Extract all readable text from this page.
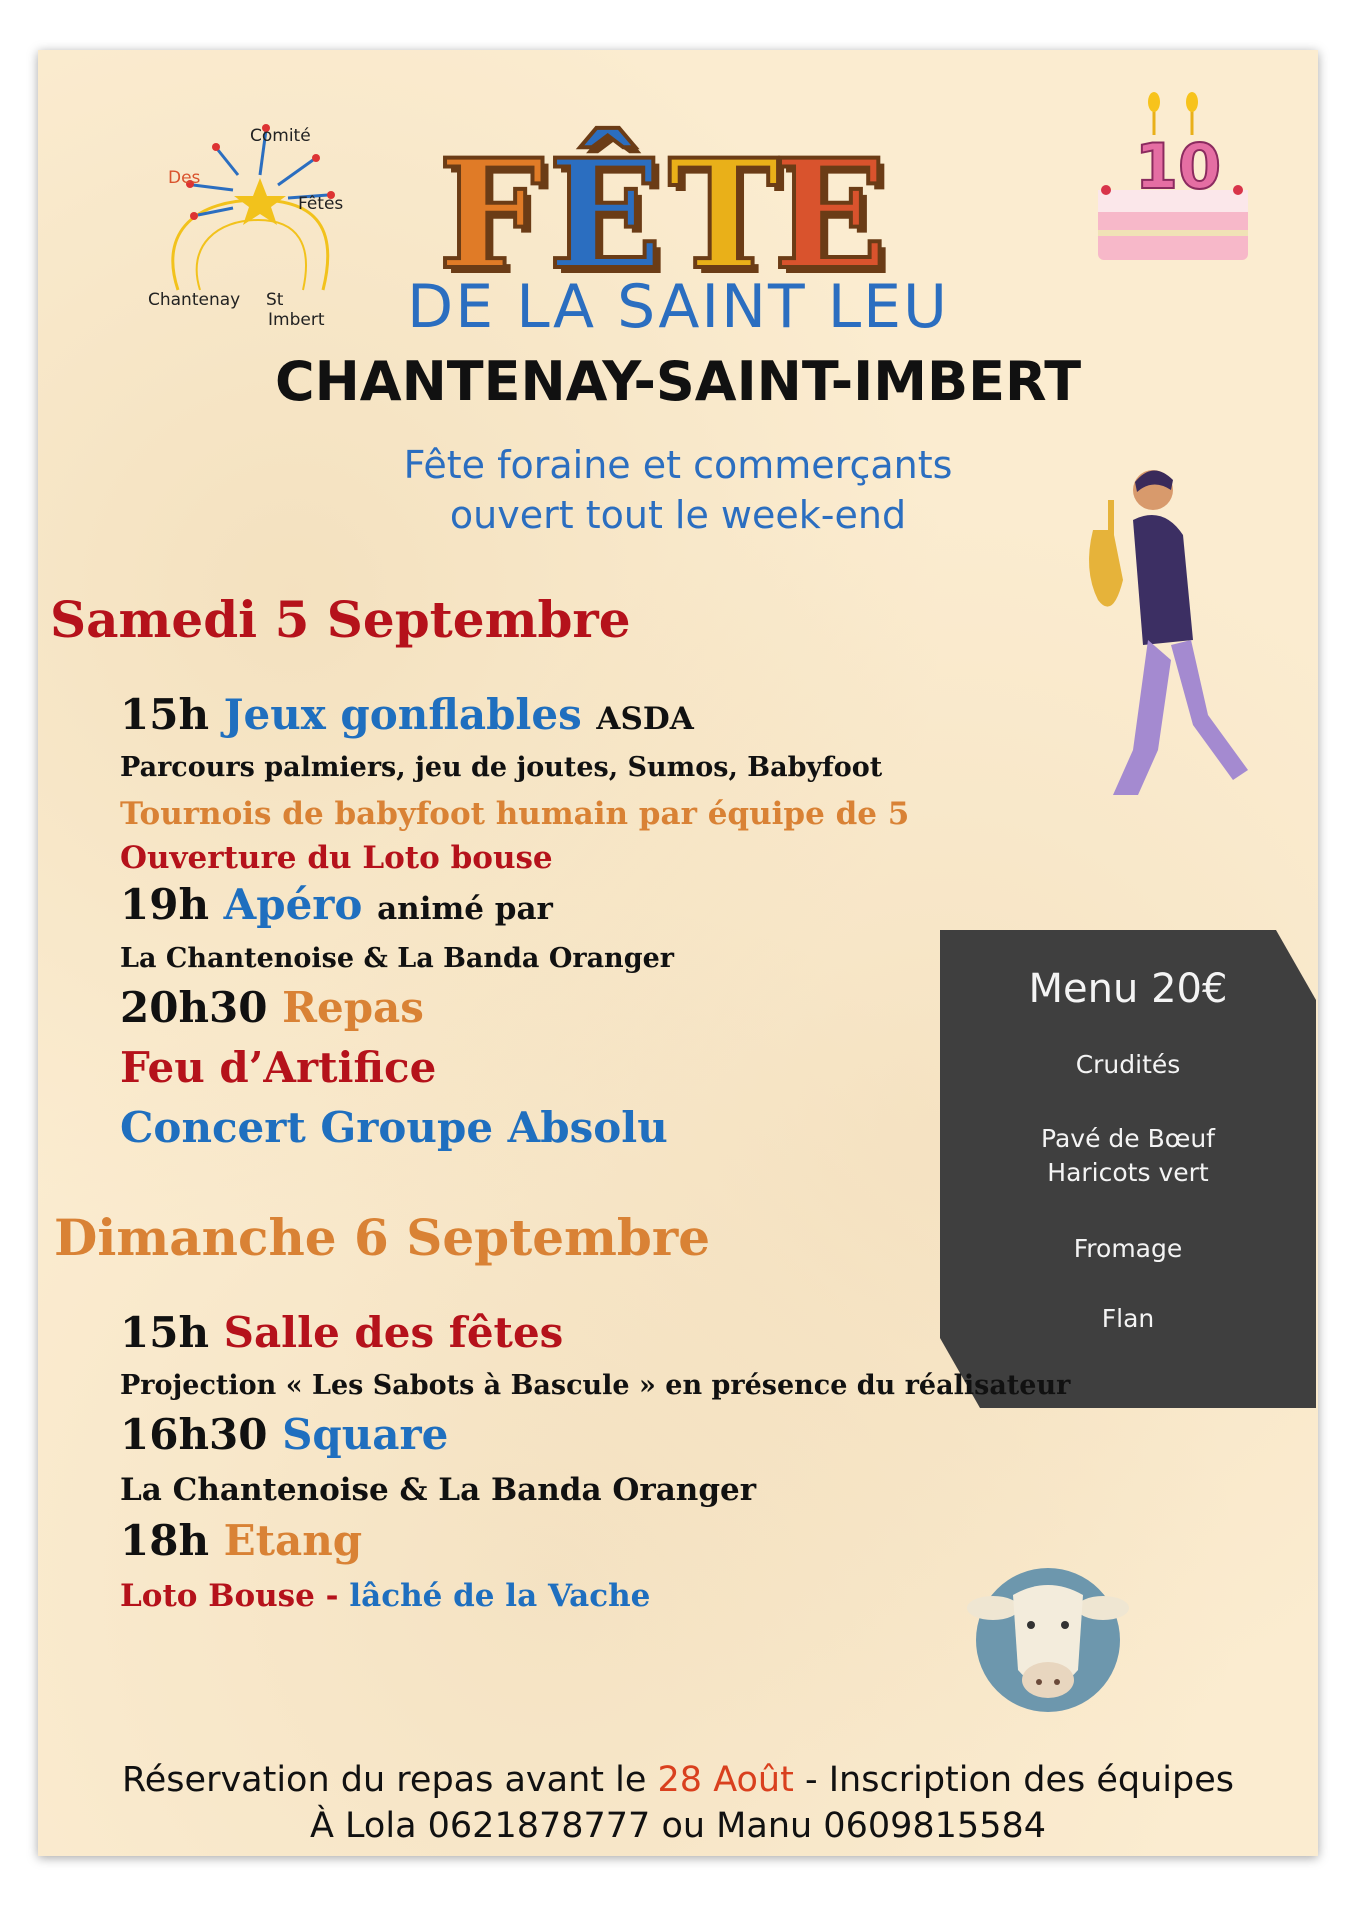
Comité
Des
Fêtes
Chantenay St
Imbert
F Ê T
E
DE LA SAINT LEU
CHANTENAY-SAINT-IMBERT
10
Fête foraine et commerçants
ouvert tout le week-end
Samedi 5 Septembre
15h Jeux gonflables ASDA
Parcours palmiers, jeu de joutes, Sumos, Babyfoot
Tournois de babyfoot humain par équipe de 5
Ouverture du Loto bouse
19h Apéro animé par
La Chantenoise & La Banda Oranger
20h30 Repas
Feu d’Artifice
Concert Groupe Absolu
Menu 20€
Crudités
Pavé de Bœuf
Haricots vert
Fromage
Flan
Dimanche 6 Septembre
15h Salle des fêtes
Projection « Les Sabots à Bascule » en présence du réalisateur
16h30 Square
La Chantenoise & La Banda Oranger
18h Etang
Loto Bouse - lâché de la Vache
Réservation du repas avant le 28 Août - Inscription des équipes
À Lola 0621878777 ou Manu 0609815584
